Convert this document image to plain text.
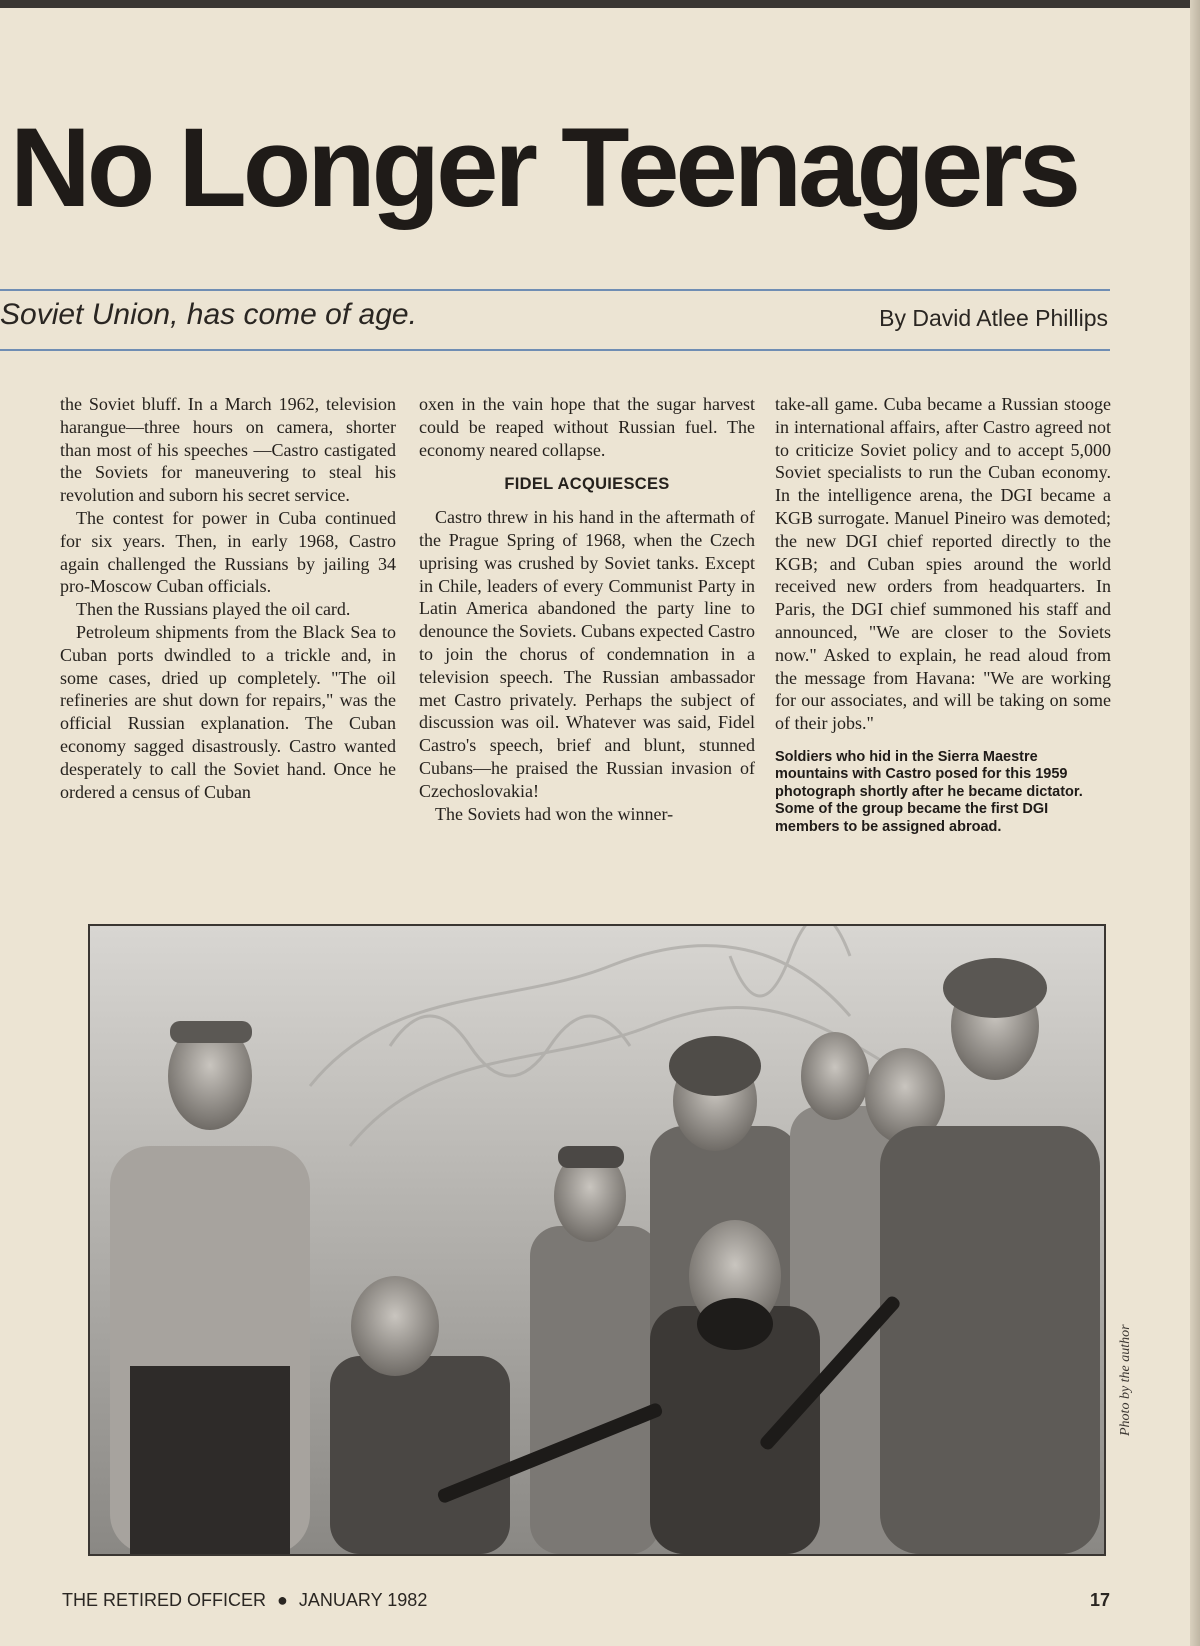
No Longer Teenagers
Soviet Union, has come of age.	By David Atlee Phillips

the Soviet bluff. In a March 1962, television harangue—three hours on camera, shorter than most of his speeches —Castro castigated the Soviets for maneuvering to steal his revolution and suborn his secret service.

The contest for power in Cuba continued for six years. Then, in early 1968, Castro again challenged the Russians by jailing 34 pro-Moscow Cuban officials.

Then the Russians played the oil card.

Petroleum shipments from the Black Sea to Cuban ports dwindled to a trickle and, in some cases, dried up completely. "The oil refineries are shut down for repairs," was the official Russian explanation. The Cuban economy sagged disastrously. Castro wanted desperately to call the Soviet hand. Once he ordered a census of Cuban

oxen in the vain hope that the sugar harvest could be reaped without Russian fuel. The economy neared collapse.

FIDEL ACQUIESCES

Castro threw in his hand in the aftermath of the Prague Spring of 1968, when the Czech uprising was crushed by Soviet tanks. Except in Chile, leaders of every Communist Party in Latin America abandoned the party line to denounce the Soviets. Cubans expected Castro to join the chorus of condemnation in a television speech. The Russian ambassador met Castro privately. Perhaps the subject of discussion was oil. Whatever was said, Fidel Castro's speech, brief and blunt, stunned Cubans—he praised the Russian invasion of Czechoslovakia!

The Soviets had won the winner-

take-all game. Cuba became a Russian stooge in international affairs, after Castro agreed not to criticize Soviet policy and to accept 5,000 Soviet specialists to run the Cuban economy. In the intelligence arena, the DGI became a KGB surrogate. Manuel Pineiro was demoted; the new DGI chief reported directly to the KGB; and Cuban spies around the world received new orders from headquarters. In Paris, the DGI chief summoned his staff and announced, "We are closer to the Soviets now." Asked to explain, he read aloud from the message from Havana: "We are working for our associates, and will be taking on some of their jobs."

Soldiers who hid in the Sierra Maestre mountains with Castro posed for this 1959 photograph shortly after he became dictator. Some of the group became the first DGI members to be assigned abroad.
Photo by the author
THE RETIRED OFFICER ● JANUARY 1982	17
